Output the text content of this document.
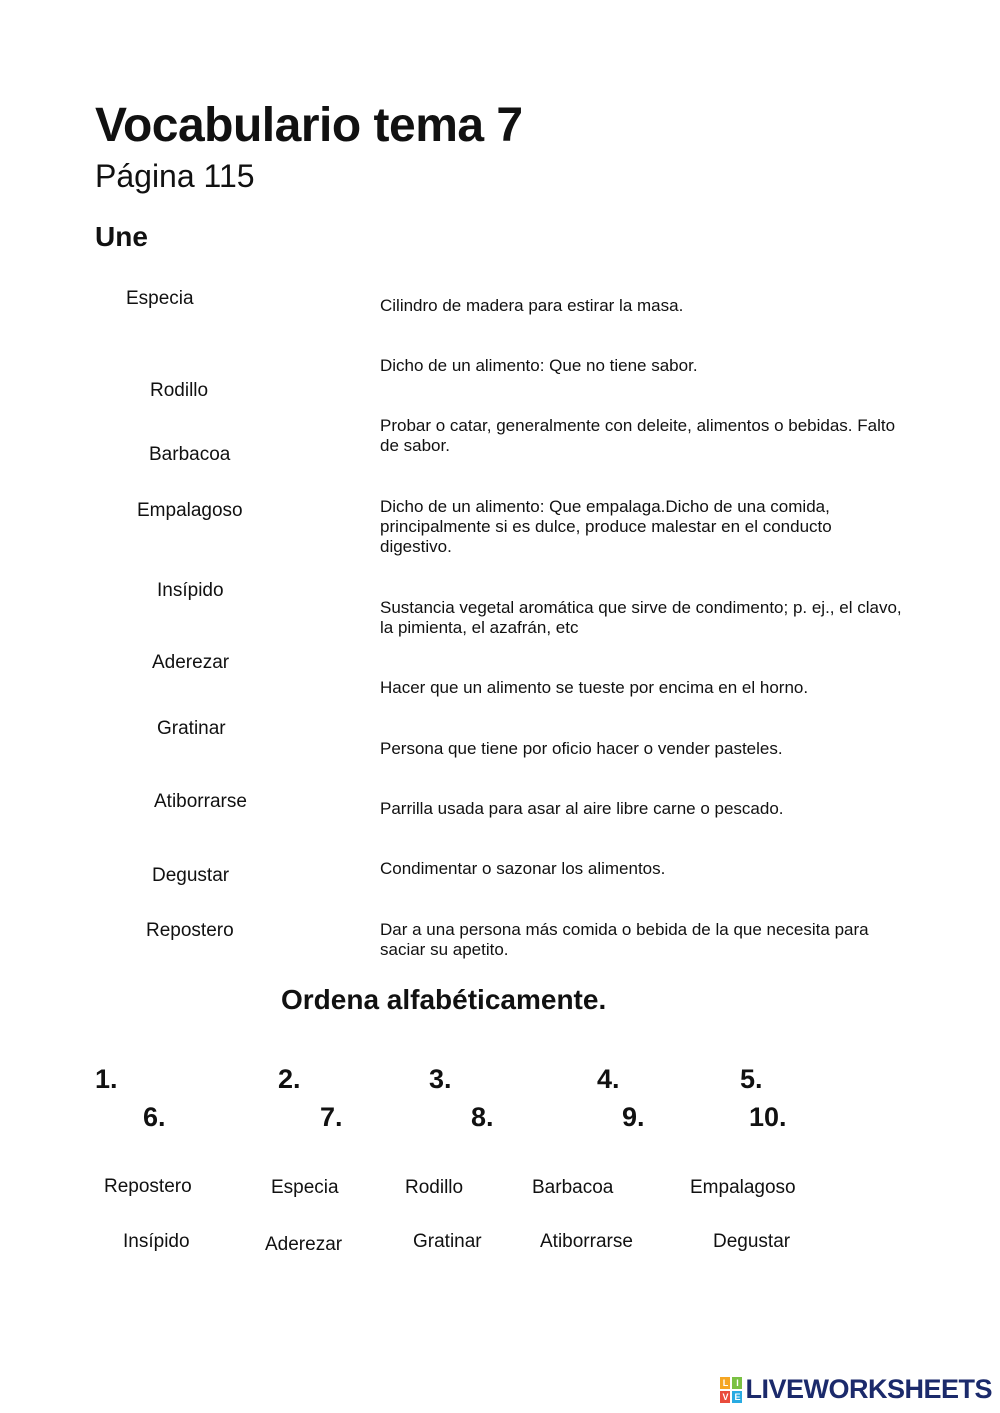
Vocabulario tema 7
Página 115
Une
Especia
Rodillo
Barbacoa
Empalagoso
Insípido
Aderezar
Gratinar
Atiborrarse
Degustar
Repostero
Cilindro de madera para estirar la masa.
Dicho de un alimento: Que no tiene sabor.
Probar o catar, generalmente con deleite, alimentos o bebidas. Falto de sabor.
Dicho de un alimento: Que empalaga.Dicho de una comida, principalmente si es dulce, produce malestar en el conducto digestivo.
Sustancia vegetal aromática que sirve de condimento; p. ej., el clavo, la pimienta, el azafrán, etc
Hacer que un alimento se tueste por encima en el horno.
Persona que tiene por oficio hacer o vender pasteles.
Parrilla usada para asar al aire libre carne o pescado.
Condimentar o sazonar los alimentos.
Dar a una persona más comida o bebida de la que necesita para saciar su apetito.
Ordena alfabéticamente.
1.	2.	3.	4.	5.
6.	7.	8.	9.	10.
Repostero	Especia	Rodillo	Barbacoa	Empalagoso
Insípido	Aderezar	Gratinar	Atiborrarse	Degustar
L I
V E LIVEWORKSHEETS
